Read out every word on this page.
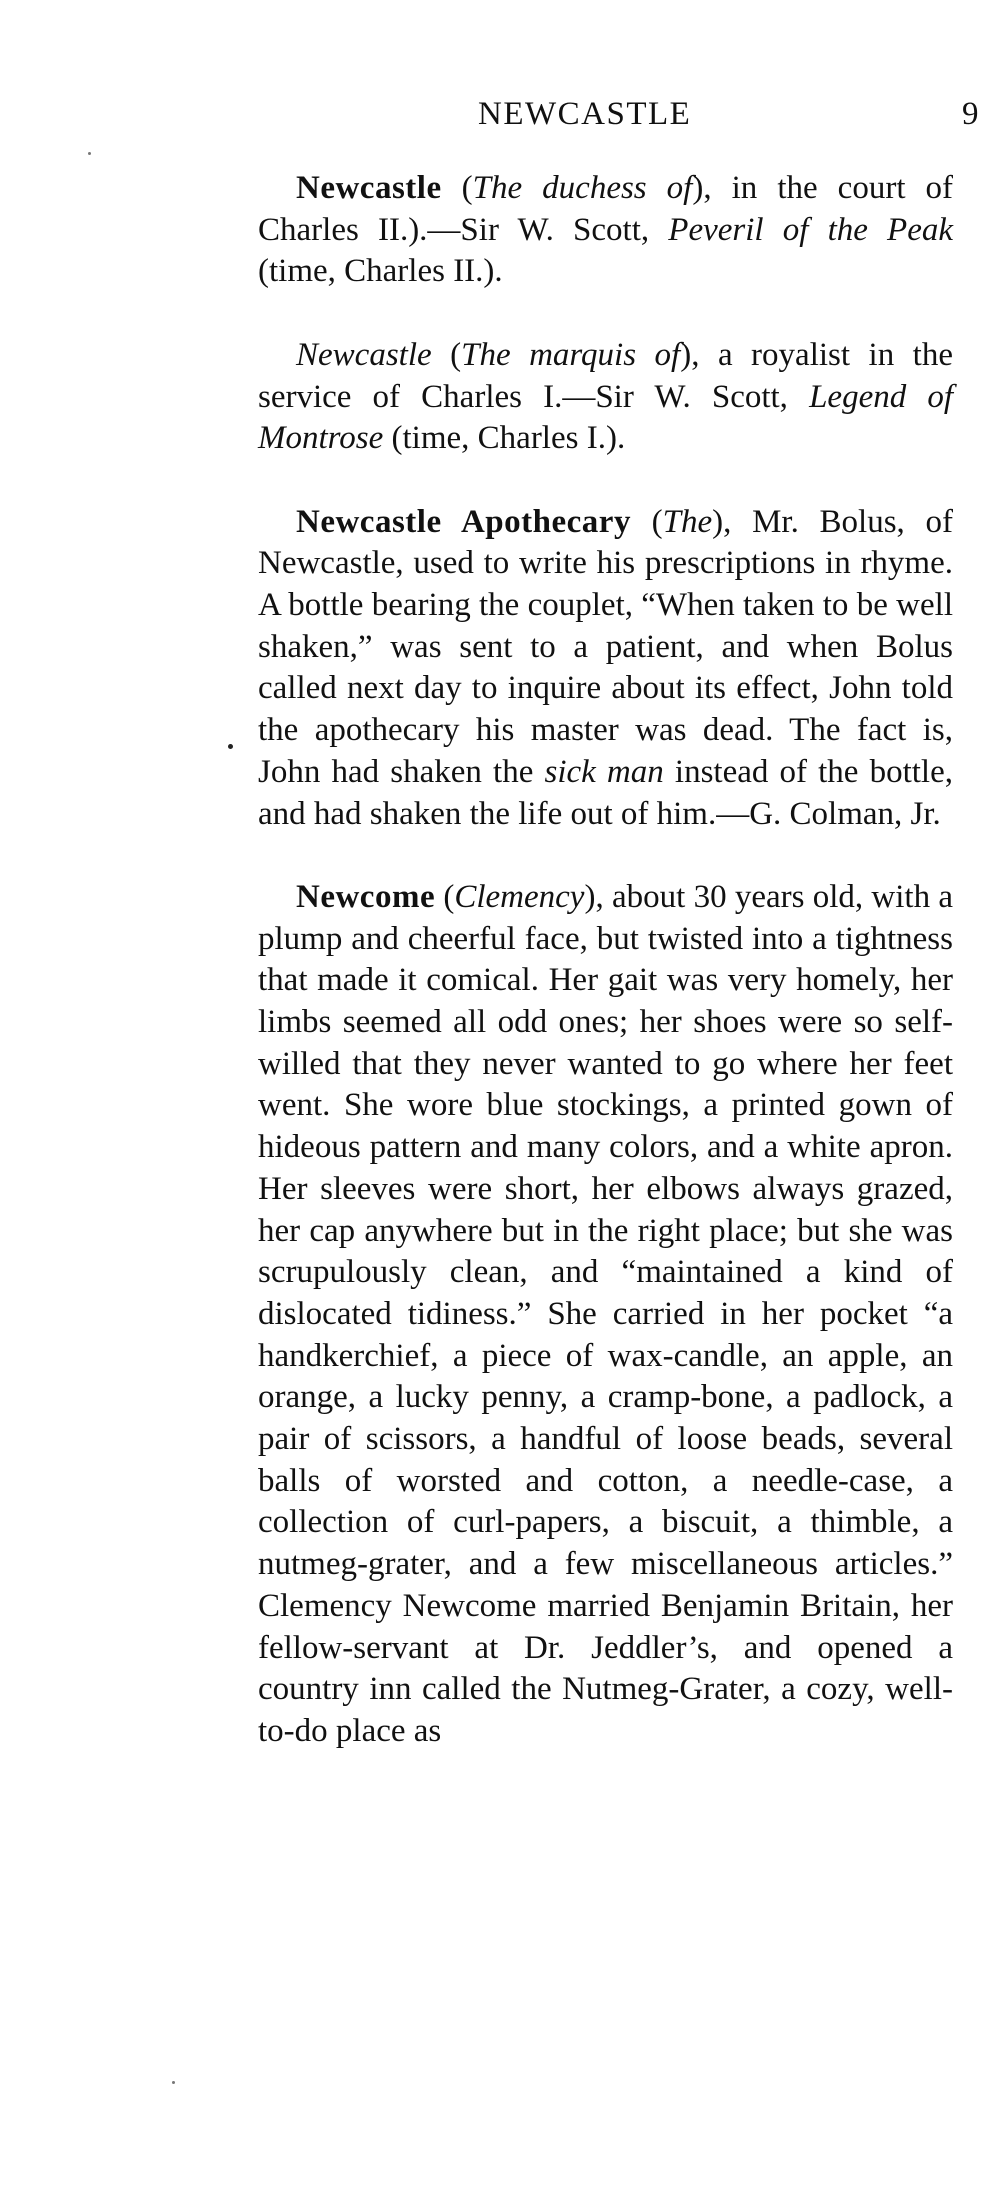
NEWCASTLE	9

Newcastle (The duchess of), in the court of Charles II.).—Sir W. Scott, Peveril of the Peak (time, Charles II.).

Newcastle (The marquis of), a royalist in the service of Charles I.—Sir W. Scott, Legend of Montrose (time, Charles I.).

Newcastle Apothecary (The), Mr. Bolus, of Newcastle, used to write his prescriptions in rhyme. A bottle bearing the couplet, “When taken to be well shaken,” was sent to a patient, and when Bolus called next day to inquire about its effect, John told the apothecary his master was dead. The fact is, John had shaken the sick man instead of the bottle, and had shaken the life out of him.—G. Colman, Jr.

Newcome (Clemency), about 30 years old, with a plump and cheerful face, but twisted into a tightness that made it comical. Her gait was very homely, her limbs seemed all odd ones; her shoes were so self-willed that they never wanted to go where her feet went. She wore blue stockings, a printed gown of hideous pattern and many colors, and a white apron. Her sleeves were short, her elbows always grazed, her cap anywhere but in the right place; but she was scrupulously clean, and “maintained a kind of dislocated tidiness.” She carried in her pocket “a handkerchief, a piece of wax-candle, an apple, an orange, a lucky penny, a cramp-bone, a padlock, a pair of scissors, a handful of loose beads, several balls of worsted and cotton, a needle-case, a collection of curl-papers, a biscuit, a thimble, a nutmeg-grater, and a few miscellaneous articles.” Clemency Newcome married Benjamin Britain, her fellow-servant at Dr. Jeddler’s, and opened a country inn called the Nutmeg-Grater, a cozy, well-to-do place as
